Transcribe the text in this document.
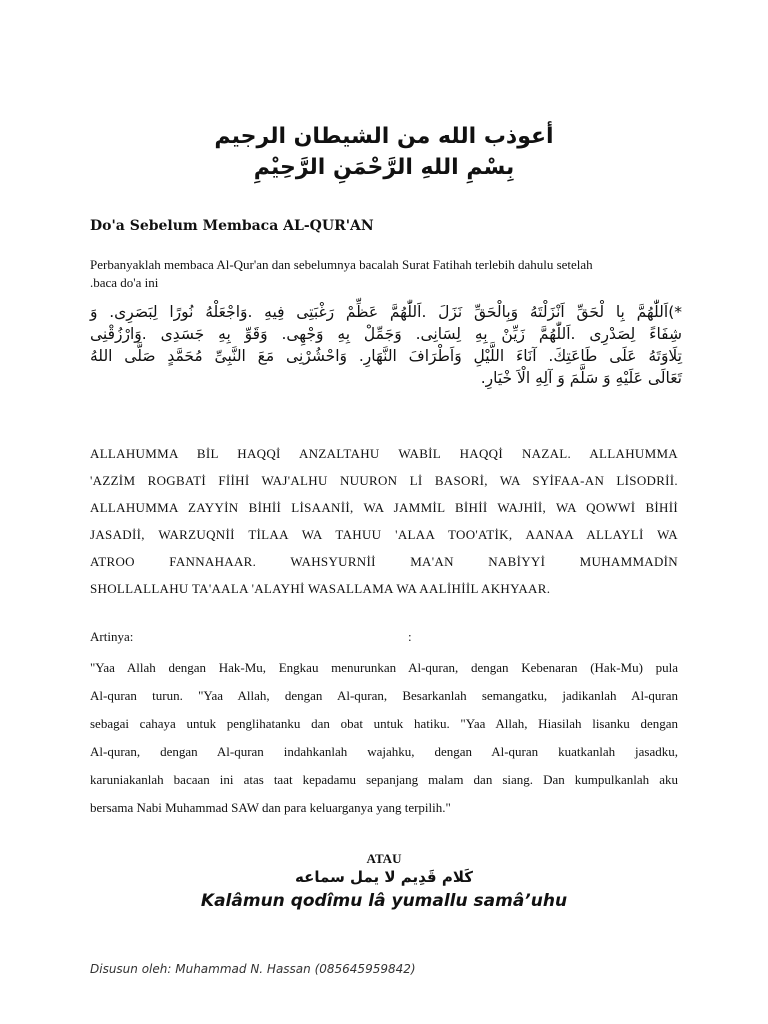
أعوذب الله من الشيطان الرجيم
بِسْمِ اللهِ الرَّحْمَنِ الرَّحِيْمِ
Do'a Sebelum Membaca AL-QUR'AN
Perbanyaklah membaca Al-Qur'an dan sebelumnya bacalah Surat Fatihah terlebih dahulu setelah
.baca do'a ini
*)اَللّٰهُمَّ بِا لْحَقِّ اَنْزَلْتَهُ وَبِالْحَقِّ نَزَلَ .اَللّٰهُمَّ عَظِّمْ رَغْبَتِى فِيهِ .وَاجْعَلْهُ نُورًا لِبَصَرِى. وَ
شِفَاءً لِصَدْرِى .اَللّٰهُمَّ زَيِّنْ بِهِ لِسَانِى. وَجَمِّلْ بِهِ وَجْهِى. وَقَوِّ بِهِ جَسَدِى .وَارْزُقْنِى
تِلَاوَتَهُ عَلَى طَاعَتِكَ. آنَاءَ اللَّيْلِ وَاَطْرَافَ النَّهَارِ. وَاحْشُرْنِى مَعَ النَّبِىِّ مُحَمَّدٍ صَلَّى اللهُ
تَعَالَى عَلَيْهِ وَ سَلَّمَ وَ آلِهِ الْاَ خْيَارِ.
ALLAHUMMA BİL HAQQİ ANZALTAHU WABİL HAQQİ NAZAL. ALLAHUMMA
'AZZİM ROGBATİ FİİHİ WAJ'ALHU NUURON Lİ BASORİ, WA SYİFAA-AN LİSODRİİ.
ALLAHUMMA ZAYYİN BİHİİ LİSAANİİ, WA JAMMİL BİHİİ WAJHİİ, WA QOWWİ BİHİİ
JASADİİ, WARZUQNİİ TİLAA WA TAHUU 'ALAA TOO'ATİK, AANAA ALLAYLİ WA
ATROO FANNAHAAR. WAHSYURNİİ MA'AN NABİYYİ MUHAMMADİN
SHOLLALLAHU TA'AALA 'ALAYHİ WASALLAMA WA AALİHİİL AKHYAAR.
Artinya:	:
"Yaa Allah dengan Hak-Mu, Engkau menurunkan Al-quran, dengan Kebenaran (Hak-Mu) pula
Al-quran turun. "Yaa Allah, dengan Al-quran, Besarkanlah semangatku, jadikanlah Al-quran
sebagai cahaya untuk penglihatanku dan obat untuk hatiku. "Yaa Allah, Hiasilah lisanku dengan
Al-quran, dengan Al-quran indahkanlah wajahku, dengan Al-quran kuatkanlah jasadku,
karuniakanlah bacaan ini atas taat kepadamu sepanjang malam dan siang. Dan kumpulkanlah aku
bersama Nabi Muhammad SAW dan para keluarganya yang terpilih."
ATAU
كَلام قَدِيم لا يمل سماعه
Kalâmun qodîmu lâ yumallu samâ’uhu
Disusun oleh: Muhammad N. Hassan (085645959842)
